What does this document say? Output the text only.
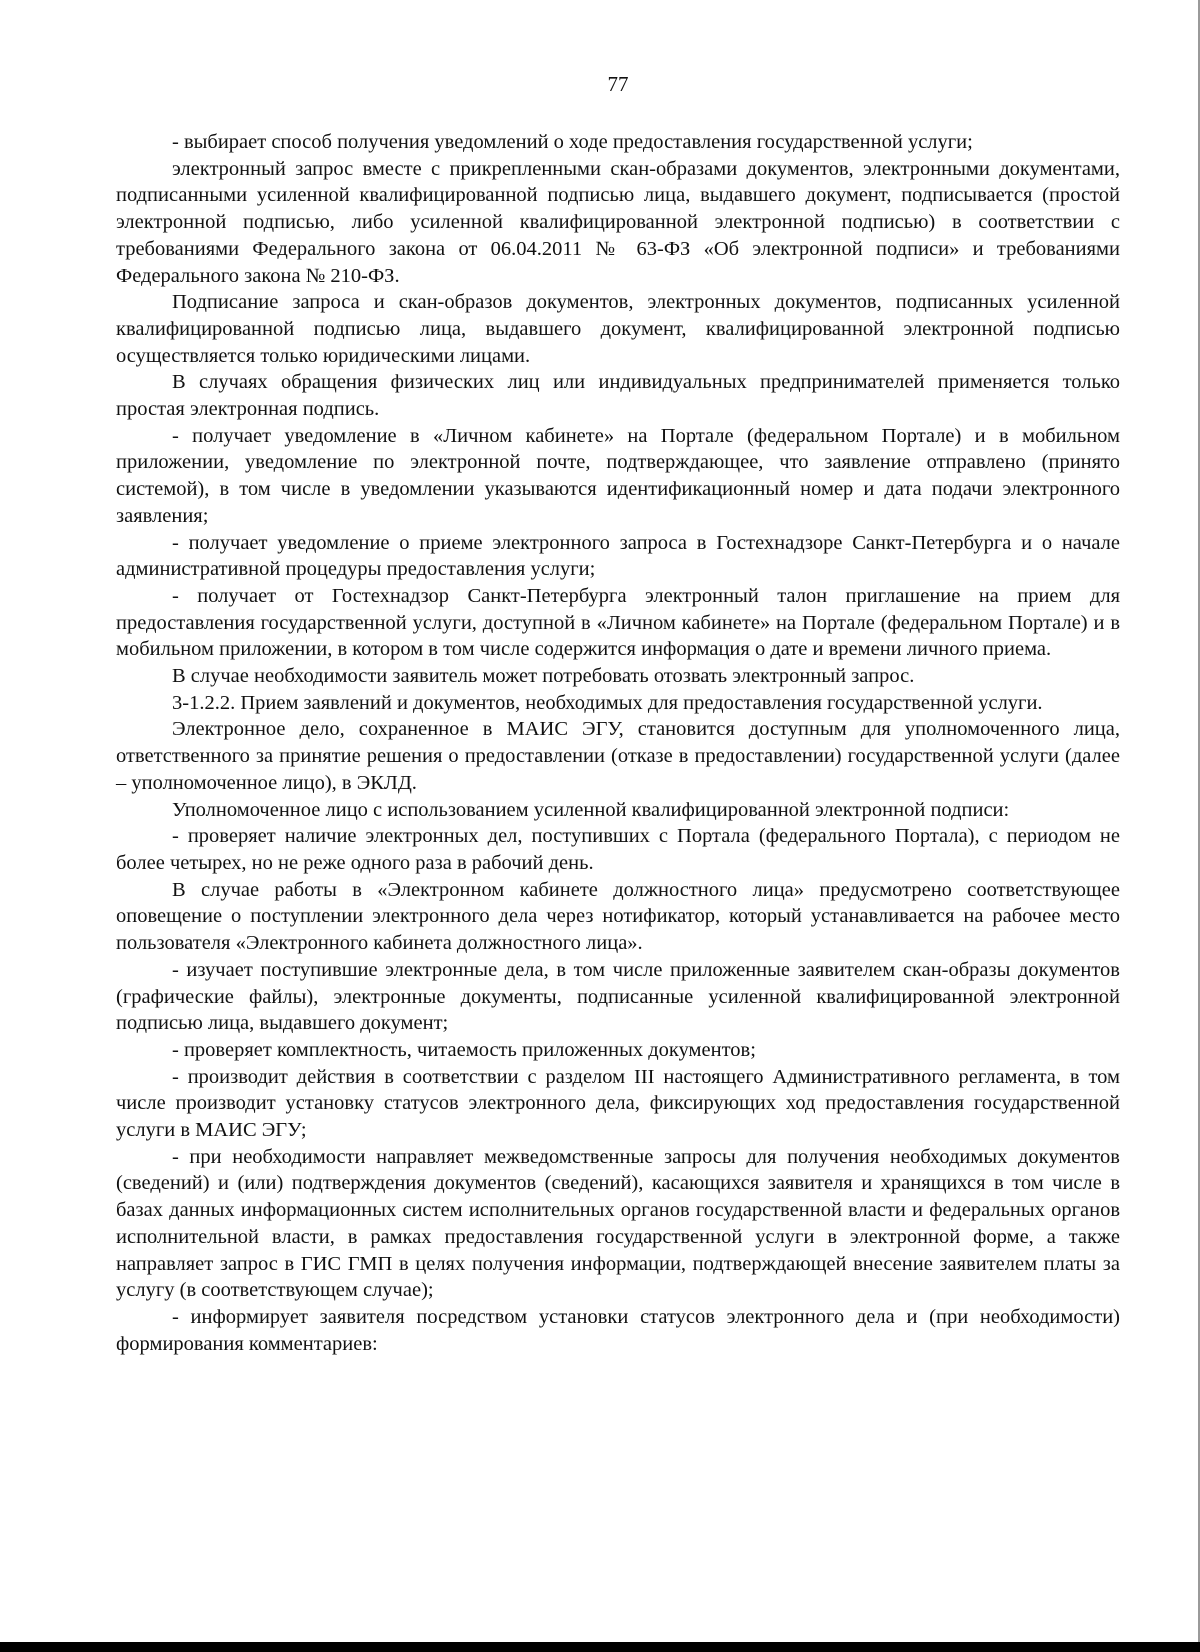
77

- выбирает способ получения уведомлений о ходе предоставления государственной услуги;

электронный запрос вместе с прикрепленными скан-образами документов, электронными документами, подписанными усиленной квалифицированной подписью лица, выдавшего документ, подписывается (простой электронной подписью, либо усиленной квалифицированной электронной подписью) в соответствии с требованиями Федерального закона от 06.04.2011 № 63-ФЗ «Об электронной подписи» и требованиями Федерального закона № 210-ФЗ.

Подписание запроса и скан-образов документов, электронных документов, подписанных усиленной квалифицированной подписью лица, выдавшего документ, квалифицированной электронной подписью осуществляется только юридическими лицами.

В случаях обращения физических лиц или индивидуальных предпринимателей применяется только простая электронная подпись.

- получает уведомление в «Личном кабинете» на Портале (федеральном Портале) и в мобильном приложении, уведомление по электронной почте, подтверждающее, что заявление отправлено (принято системой), в том числе в уведомлении указываются идентификационный номер и дата подачи электронного заявления;

- получает уведомление о приеме электронного запроса в Гостехнадзоре Санкт-Петербурга и о начале административной процедуры предоставления услуги;

- получает от Гостехнадзор Санкт-Петербурга электронный талон приглашение на прием для предоставления государственной услуги, доступной в «Личном кабинете» на Портале (федеральном Портале) и в мобильном приложении, в котором в том числе содержится информация о дате и времени личного приема.

В случае необходимости заявитель может потребовать отозвать электронный запрос.

3-1.2.2. Прием заявлений и документов, необходимых для предоставления государственной услуги.

Электронное дело, сохраненное в МАИС ЭГУ, становится доступным для уполномоченного лица, ответственного за принятие решения о предоставлении (отказе в предоставлении) государственной услуги (далее – уполномоченное лицо), в ЭКЛД.

Уполномоченное лицо с использованием усиленной квалифицированной электронной подписи:

- проверяет наличие электронных дел, поступивших с Портала (федерального Портала), с периодом не более четырех, но не реже одного раза в рабочий день.

В случае работы в «Электронном кабинете должностного лица» предусмотрено соответствующее оповещение о поступлении электронного дела через нотификатор, который устанавливается на рабочее место пользователя «Электронного кабинета должностного лица».

- изучает поступившие электронные дела, в том числе приложенные заявителем скан-образы документов (графические файлы), электронные документы, подписанные усиленной квалифицированной электронной подписью лица, выдавшего документ;

- проверяет комплектность, читаемость приложенных документов;

- производит действия в соответствии с разделом III настоящего Административного регламента, в том числе производит установку статусов электронного дела, фиксирующих ход предоставления государственной услуги в МАИС ЭГУ;

- при необходимости направляет межведомственные запросы для получения необходимых документов (сведений) и (или) подтверждения документов (сведений), касающихся заявителя и хранящихся в том числе в базах данных информационных систем исполнительных органов государственной власти и федеральных органов исполнительной власти, в рамках предоставления государственной услуги в электронной форме, а также направляет запрос в ГИС ГМП в целях получения информации, подтверждающей внесение заявителем платы за услугу (в соответствующем случае);

- информирует заявителя посредством установки статусов электронного дела и (при необходимости) формирования комментариев:
